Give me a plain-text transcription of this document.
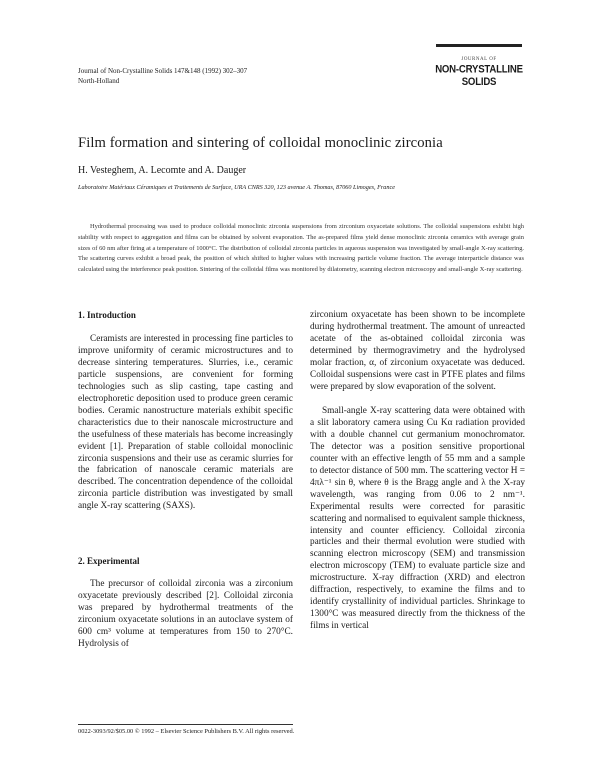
Journal of Non-Crystalline Solids 147&148 (1992) 302–307
North-Holland
JOURNAL OF
NON-CRYSTALLINE SOLIDS
Film formation and sintering of colloidal monoclinic zirconia
H. Vesteghem, A. Lecomte and A. Dauger
Laboratoire Matériaux Céramiques et Traitements de Surface, URA CNRS 320, 123 avenue A. Thomas, 87060 Limoges, France
Hydrothermal processing was used to produce colloidal monoclinic zirconia suspensions from zirconium oxyacetate solutions. The colloidal suspensions exhibit high stability with respect to aggregation and films can be obtained by solvent evaporation. The as-prepared films yield dense monoclinic zirconia ceramics with average grain sizes of 60 nm after firing at a temperature of 1000°C. The distribution of colloidal zirconia particles in aqueous suspension was investigated by small-angle X-ray scattering. The scattering curves exhibit a broad peak, the position of which shifted to higher values with increasing particle volume fraction. The average interparticle distance was calculated using the interference peak position. Sintering of the colloidal films was monitored by dilatometry, scanning electron microscopy and small-angle X-ray scattering.
1. Introduction

Ceramists are interested in processing fine particles to improve uniformity of ceramic microstructures and to decrease sintering temperatures. Slurries, i.e., ceramic particle suspensions, are convenient for forming technologies such as slip casting, tape casting and electrophoretic deposition used to produce green ceramic bodies. Ceramic nanostructure materials exhibit specific characteristics due to their nanoscale microstructure and the usefulness of these materials has become increasingly evident [1]. Preparation of stable colloidal monoclinic zirconia suspensions and their use as ceramic slurries for the fabrication of nanoscale ceramic materials are described. The concentration dependence of the colloidal zirconia particle distribution was investigated by small angle X-ray scattering (SAXS).

2. Experimental

The precursor of colloidal zirconia was a zirconium oxyacetate previously described [2]. Colloidal zirconia was prepared by hydrothermal treatments of the zirconium oxyacetate solutions in an autoclave system of 600 cm³ volume at temperatures from 150 to 270°C. Hydrolysis of

zirconium oxyacetate has been shown to be incomplete during hydrothermal treatment. The amount of unreacted acetate of the as-obtained colloidal zirconia was determined by thermogravimetry and the hydrolysed molar fraction, α, of zirconium oxyacetate was deduced. Colloidal suspensions were cast in PTFE plates and films were prepared by slow evaporation of the solvent.

Small-angle X-ray scattering data were obtained with a slit laboratory camera using Cu Kα radiation provided with a double channel cut germanium monochromator. The detector was a position sensitive proportional counter with an effective length of 55 mm and a sample to detector distance of 500 mm. The scattering vector H = 4πλ⁻¹ sin θ, where θ is the Bragg angle and λ the X-ray wavelength, was ranging from 0.06 to 2 nm⁻¹. Experimental results were corrected for parasitic scattering and normalised to equivalent sample thickness, intensity and counter efficiency. Colloidal zirconia particles and their thermal evolution were studied with scanning electron microscopy (SEM) and transmission electron microscopy (TEM) to evaluate particle size and microstructure. X-ray diffraction (XRD) and electron diffraction, respectively, to examine the films and to identify crystallinity of individual particles. Shrinkage to 1300°C was measured directly from the thickness of the films in vertical

0022-3093/92/$05.00 © 1992 – Elsevier Science Publishers B.V. All rights reserved.
